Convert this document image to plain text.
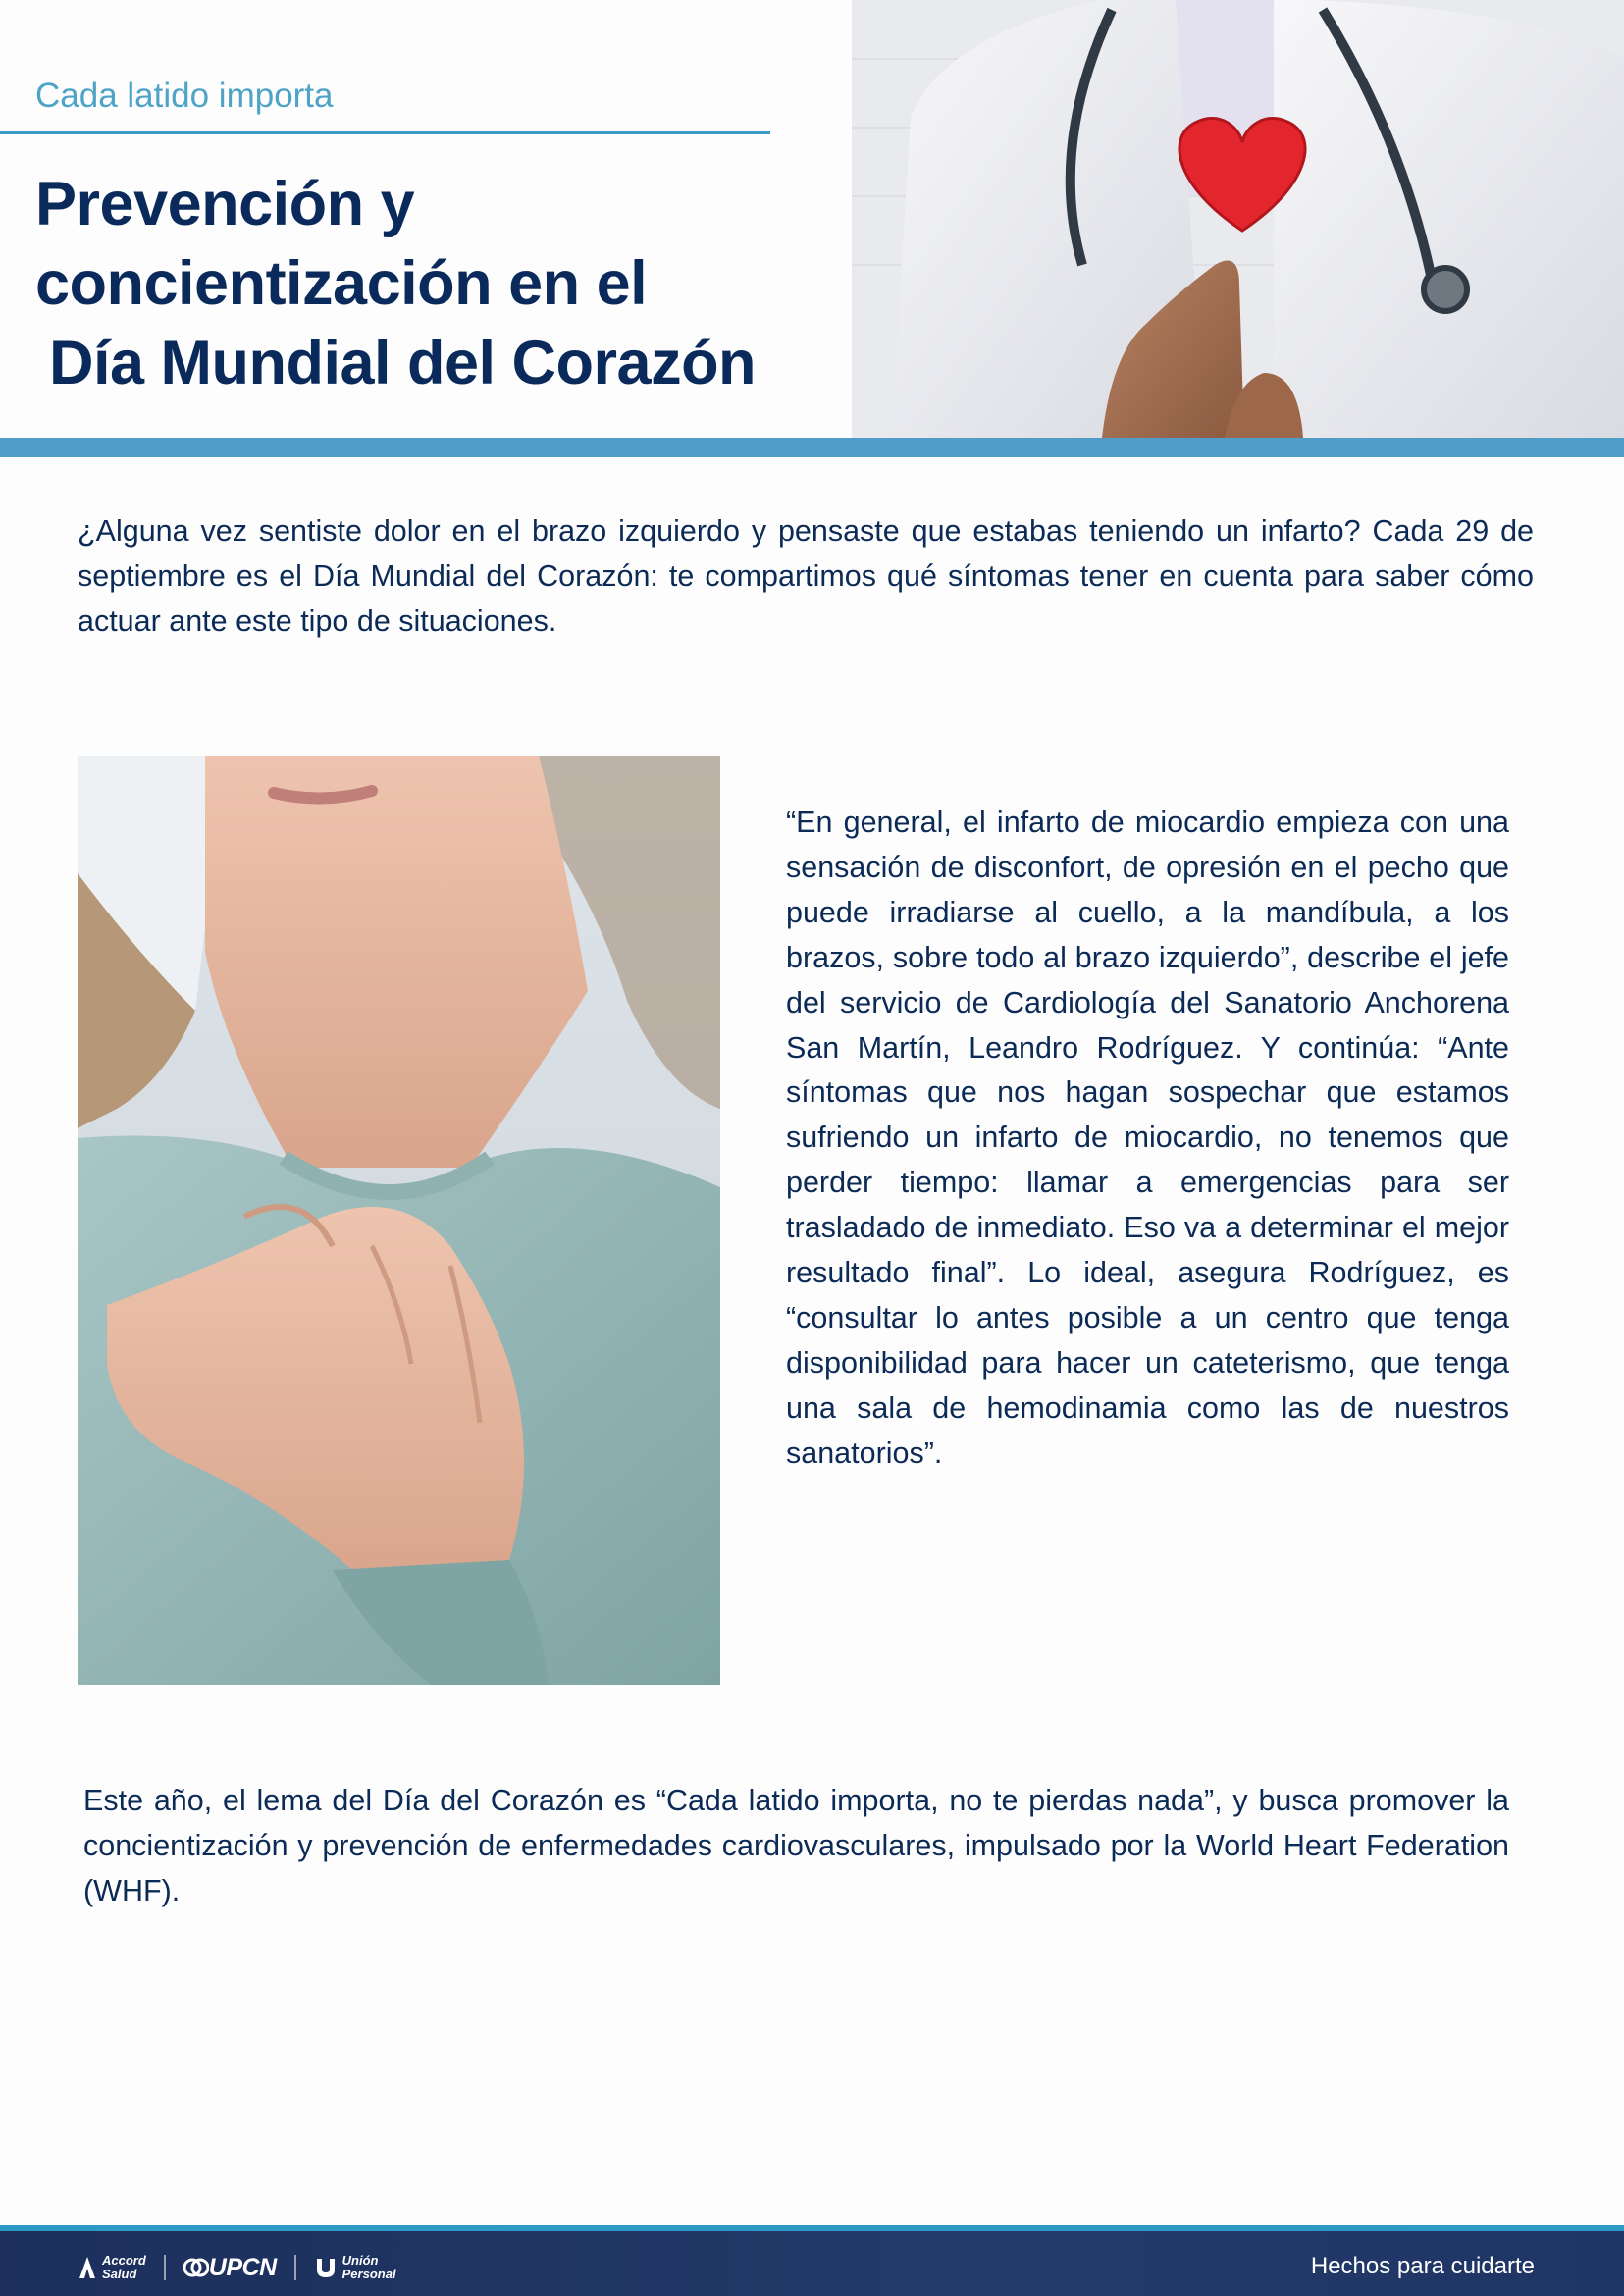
Cada latido importa

Prevención y
concientización en el
Día Mundial del Corazón

¿Alguna vez sentiste dolor en el brazo izquierdo y pensaste que estabas teniendo un infarto? Cada 29 de septiembre es el Día Mundial del Corazón: te compartimos qué síntomas tener en cuenta para saber cómo actuar ante este tipo de situaciones.

“En general, el infarto de miocardio empieza con una sensación de disconfort, de opresión en el pecho que puede irradiarse al cuello, a la mandíbula, a los brazos, sobre todo al brazo izquierdo”, describe el jefe del servicio de Cardiología del Sanatorio Anchorena San Martín, Leandro Rodríguez. Y continúa: “Ante síntomas que nos hagan sospechar que estamos sufriendo un infarto de miocardio, no tenemos que perder tiempo: llamar a emergencias para ser trasladado de inmediato. Eso va a determinar el mejor resultado final”. Lo ideal, asegura Rodríguez, es “consultar lo antes posible a un centro que tenga disponibilidad para hacer un cateterismo, que tenga una sala de hemodinamia como las de nuestros sanatorios”.

Este año, el lema del Día del Corazón es “Cada latido importa, no te pierdas nada”, y busca promover la concientización y prevención de enfermedades cardiovasculares, impulsado por la World Heart Federation (WHF).

Accord
Salud	UPCN	Unión
Personal	Hechos para cuidarte
